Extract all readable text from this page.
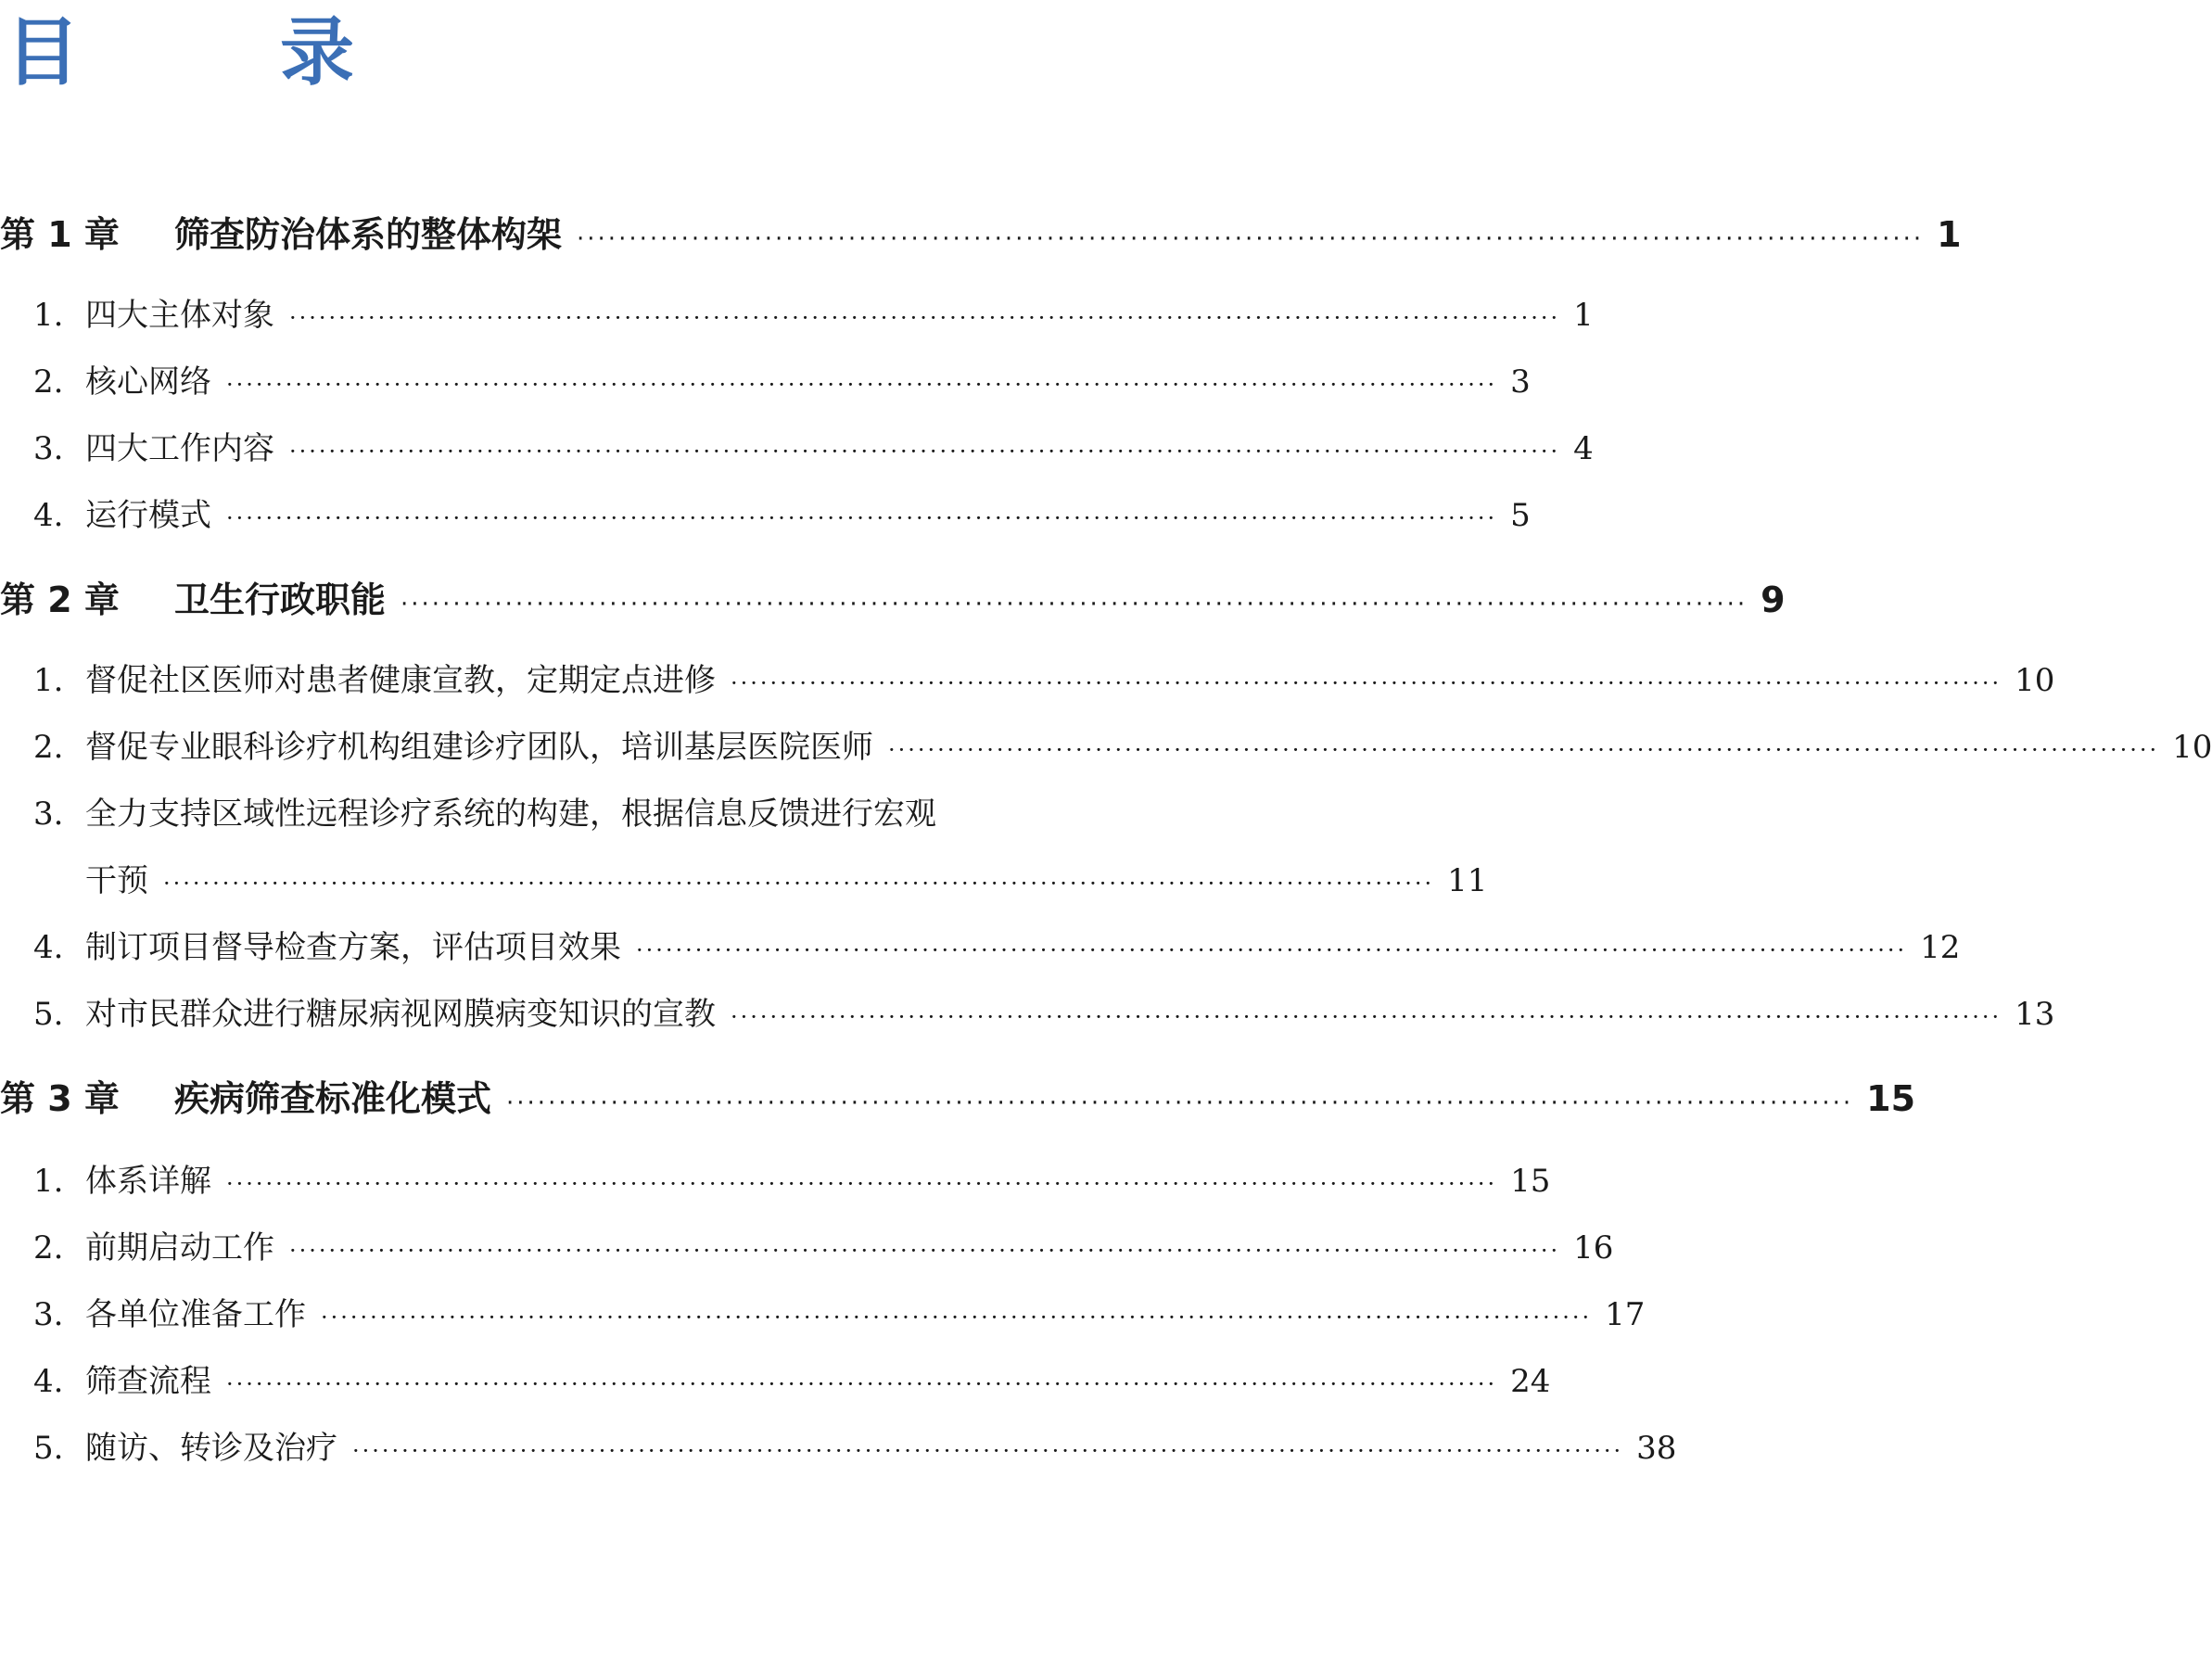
目　录
第 1 章	筛查防治体系的整体构架 ································································································································· 1
1. 四大主体对象 ································································································································· 1
2. 核心网络 ································································································································· 3
3. 四大工作内容 ································································································································· 4
4. 运行模式 ································································································································· 5
第 2 章	卫生行政职能 ································································································································· 9
1. 督促社区医师对患者健康宣教，定期定点进修 ································································································································· 10
2. 督促专业眼科诊疗机构组建诊疗团队，培训基层医院医师 ································································································································· 10
3. 全力支持区域性远程诊疗系统的构建，根据信息反馈进行宏观
干预 ································································································································· 11
4. 制订项目督导检查方案，评估项目效果 ································································································································· 12
5. 对市民群众进行糖尿病视网膜病变知识的宣教 ································································································································· 13
第 3 章	疾病筛查标准化模式 ································································································································· 15
1. 体系详解 ································································································································· 15
2. 前期启动工作 ································································································································· 16
3. 各单位准备工作 ································································································································· 17
4. 筛查流程 ································································································································· 24
5. 随访、转诊及治疗 ································································································································· 38
